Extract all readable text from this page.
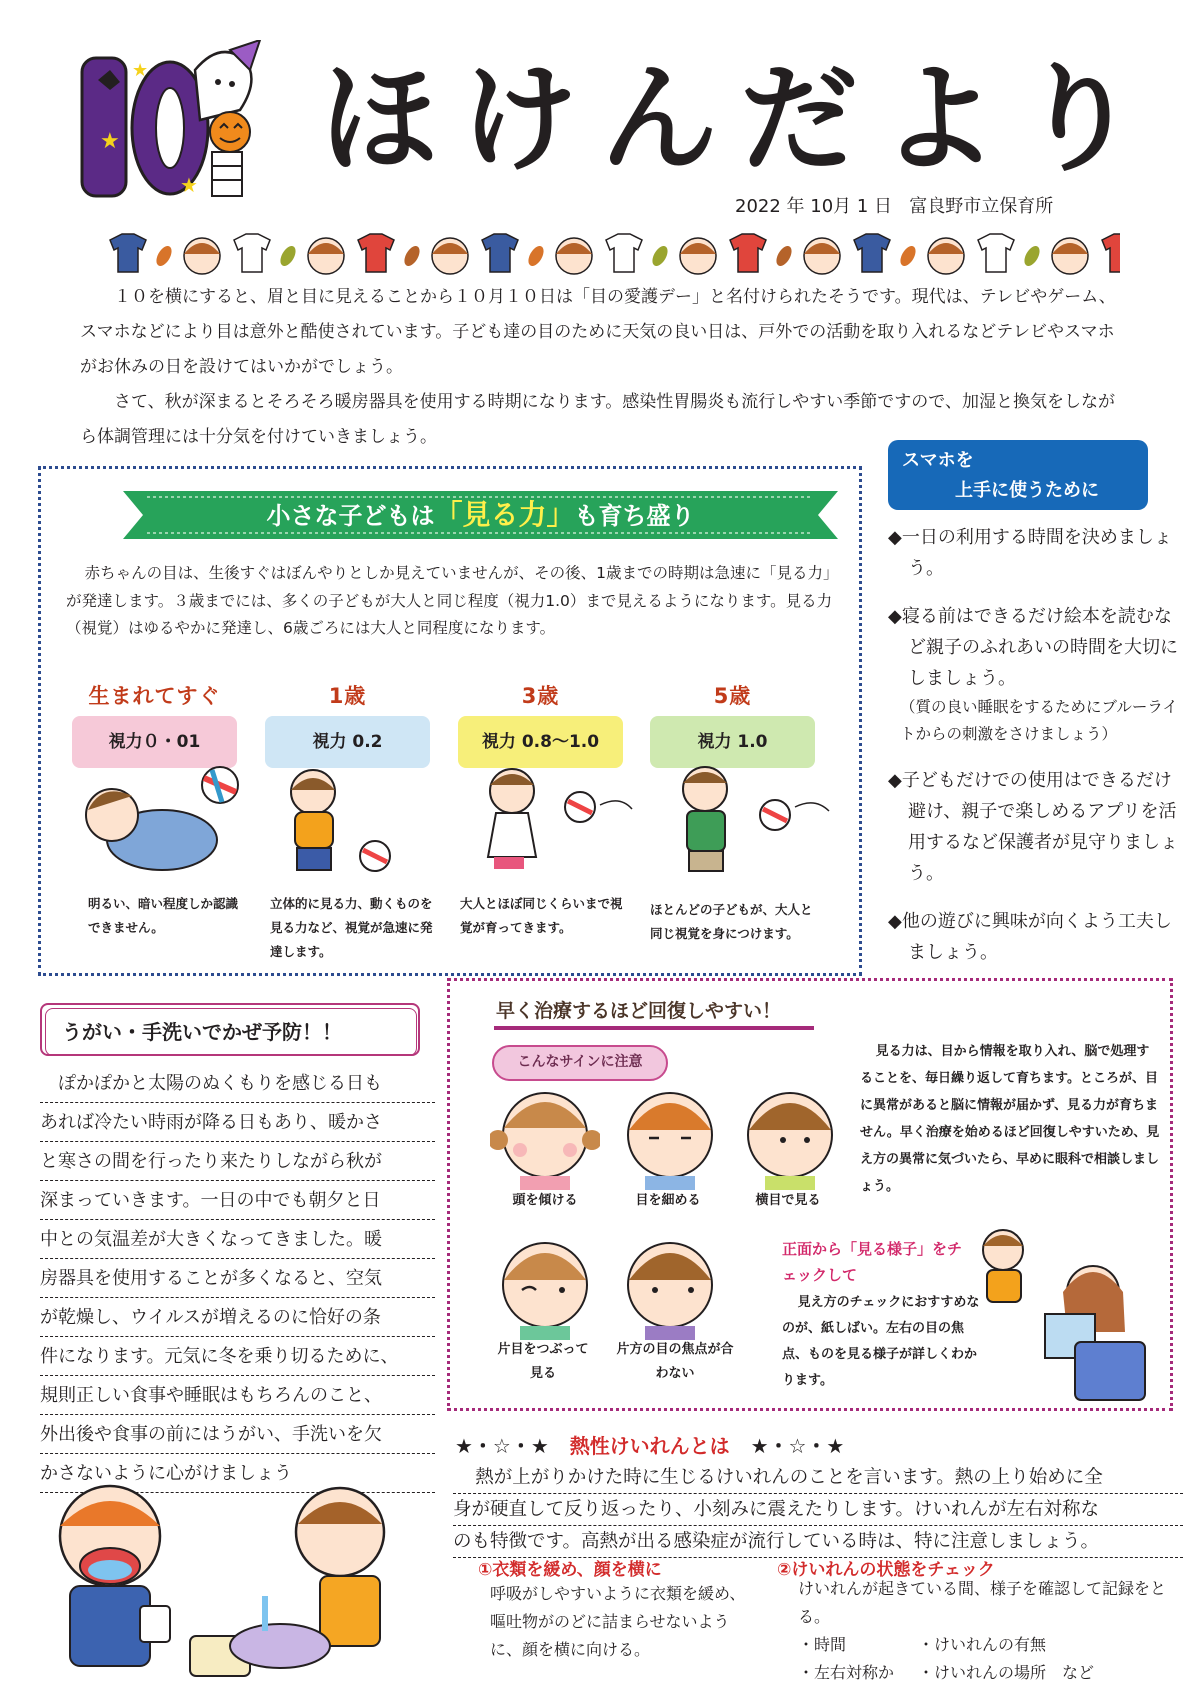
★
★
★ ほけんだより
2022 年 10月 1 日 富良野市立保育所

１０を横にすると、眉と目に見えることから１０月１０日は「目の愛護デー」と名付けられたそうです。現代は、テレビやゲーム、スマホなどにより目は意外と酷使されています。子ども達の目のために天気の良い日は、戸外での活動を取り入れるなどテレビやスマホがお休みの日を設けてはいかがでしょう。

さて、秋が深まるとそろそろ暖房器具を使用する時期になります。感染性胃腸炎も流行しやすい季節ですので、加湿と換気をしながら体調管理には十分気を付けていきましょう。

小さな子どもは「見る力」も育ち盛り

赤ちゃんの目は、生後すぐはぼんやりとしか見えていませんが、その後、1歳までの時期は急速に「見る力」が発達します。３歳までには、多くの子どもが大人と同じ程度（視力1.0）まで見えるようになります。見る力（視覚）はゆるやかに発達し、6歳ごろには大人と同程度になります。

生まれてすぐ
視力０・01
1歳
視力 0.2
3歳
視力 0.8～1.0
5歳
視力 1.0
明るい、暗い程度しか認識できません。
立体的に見る力、動くものを見る力など、視覚が急速に発達します。
大人とほぼ同じくらいまで視覚が育ってきます。
ほとんどの子どもが、大人と同じ視覚を身につけます。
スマホを
上手に使うために
◆一日の利用する時間を決めましょう。
◆寝る前はできるだけ絵本を読むなど親子のふれあいの時間を大切にしましょう。
（質の良い睡眠をするためにブルーライトからの刺激をさけましょう）
◆子どもだけでの使用はできるだけ避け、親子で楽しめるアプリを活用するなど保護者が見守りましょう。
◆他の遊びに興味が向くよう工夫しましょう。
うがい・手洗いでかぜ予防！！
　ぽかぽかと太陽のぬくもりを感じる日も
あれば冷たい時雨が降る日もあり、暖かさ
と寒さの間を行ったり来たりしながら秋が
深まっていきます。一日の中でも朝夕と日
中との気温差が大きくなってきました。暖
房器具を使用することが多くなると、空気
が乾燥し、ウイルスが増えるのに恰好の条
件になります。元気に冬を乗り切るために、
規則正しい食事や睡眠はもちろんのこと、
外出後や食事の前にはうがい、手洗いを欠
かさないように心がけましょう
早く治療するほど回復しやすい！
こんなサインに注意

見る力は、目から情報を取り入れ、脳で処理することを、毎日繰り返して育ちます。ところが、目に異常があると脳に情報が届かず、見る力が育ちません。早く治療を始めるほど回復しやすいため、見え方の異常に気づいたら、早めに眼科で相談しましょう。

頭を傾ける	目を細める	横目で見る
片目をつぶって見る
片方の目の焦点が合わない
正面から「見る様子」をチェックして

見え方のチェックにおすすめなのが、紙しばい。左右の目の焦点、ものを見る様子が詳しくわかります。

★・☆・★ 熱性けいれんとは ★・☆・★
熱が上がりかけた時に生じるけいれんのことを言います。熱の上り始めに全
身が硬直して反り返ったり、小刻みに震えたりします。けいれんが左右対称な
のも特徴です。高熱が出る感染症が流行している時は、特に注意しましょう。
①衣類を緩め、顔を横に
呼吸がしやすいように衣類を緩め、嘔吐物がのどに詰まらせないように、顔を横に向ける。
②けいれんの状態をチェック
けいれんが起きている間、様子を確認して記録をとる。
・時間	・けいれんの有無
・左右対称か ・けいれんの場所　など
